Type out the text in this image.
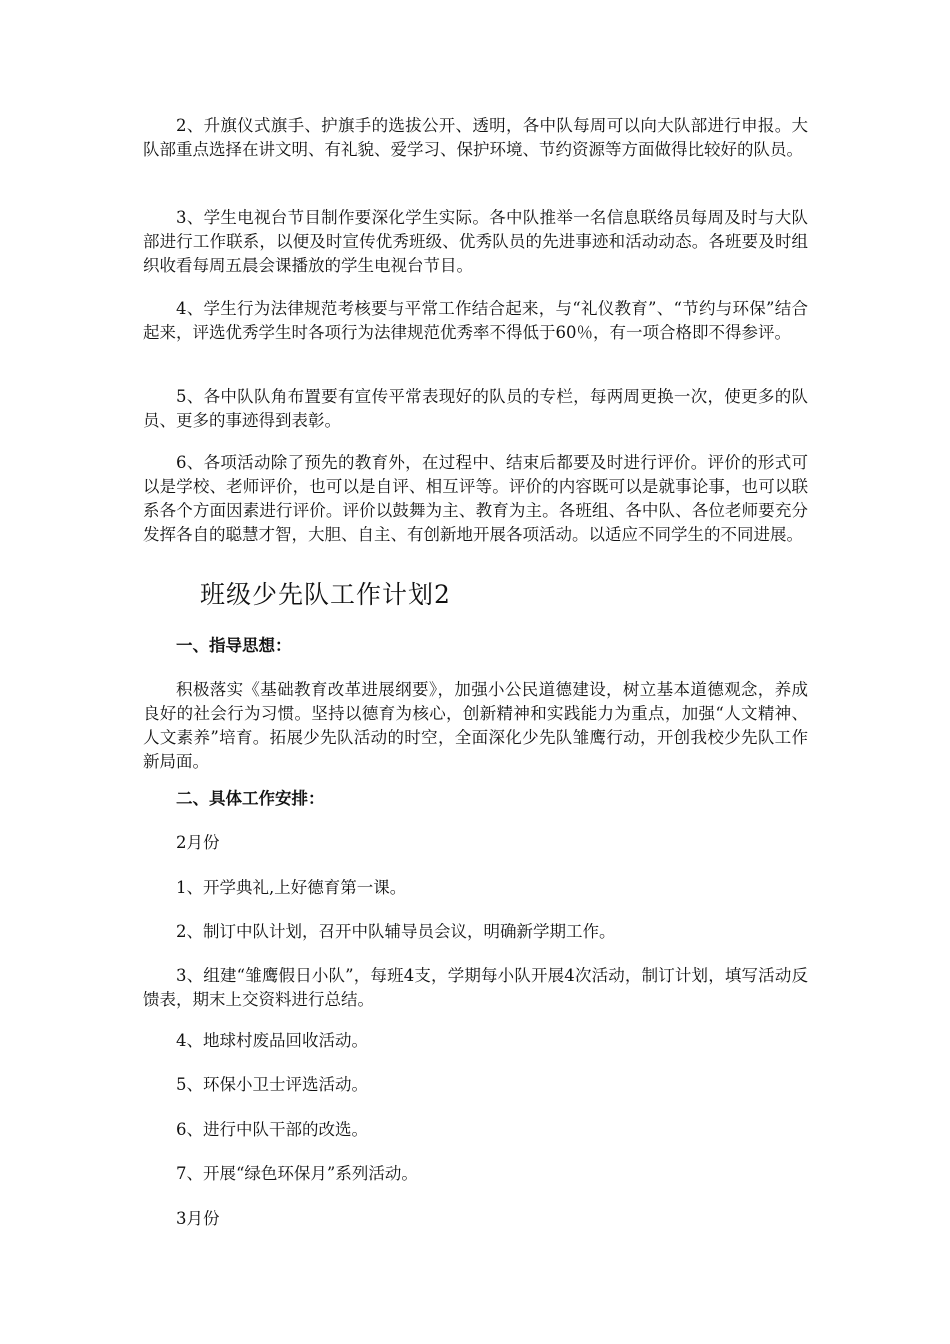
2、升旗仪式旗手、护旗手的选拔公开、透明，各中队每周可以向大队部进行申报。大队部重点选择在讲文明、有礼貌、爱学习、保护环境、节约资源等方面做得比较好的队员。

3、学生电视台节目制作要深化学生实际。各中队推举一名信息联络员每周及时与大队部进行工作联系，以便及时宣传优秀班级、优秀队员的先进事迹和活动动态。各班要及时组织收看每周五晨会课播放的学生电视台节目。

4、学生行为法律规范考核要与平常工作结合起来，与“礼仪教育”、“节约与环保”结合起来，评选优秀学生时各项行为法律规范优秀率不得低于60％，有一项合格即不得参评。

5、各中队队角布置要有宣传平常表现好的队员的专栏，每两周更换一次，使更多的队员、更多的事迹得到表彰。

6、各项活动除了预先的教育外，在过程中、结束后都要及时进行评价。评价的形式可以是学校、老师评价，也可以是自评、相互评等。评价的内容既可以是就事论事，也可以联系各个方面因素进行评价。评价以鼓舞为主、教育为主。各班组、各中队、各位老师要充分发挥各自的聪慧才智，大胆、自主、有创新地开展各项活动。以适应不同学生的不同进展。

班级少先队工作计划2
一、指导思想：

积极落实《基础教育改革进展纲要》，加强小公民道德建设，树立基本道德观念，养成良好的社会行为习惯。坚持以德育为核心，创新精神和实践能力为重点，加强“人文精神、人文素养”培育。拓展少先队活动的时空，全面深化少先队雏鹰行动，开创我校少先队工作新局面。

二、具体工作安排：

2月份

1、开学典礼,上好德育第一课。

2、制订中队计划，召开中队辅导员会议，明确新学期工作。

3、组建“雏鹰假日小队”，每班4支，学期每小队开展4次活动，制订计划，填写活动反馈表，期末上交资料进行总结。

4、地球村废品回收活动。

5、环保小卫士评选活动。

6、进行中队干部的改选。

7、开展“绿色环保月”系列活动。

3月份
